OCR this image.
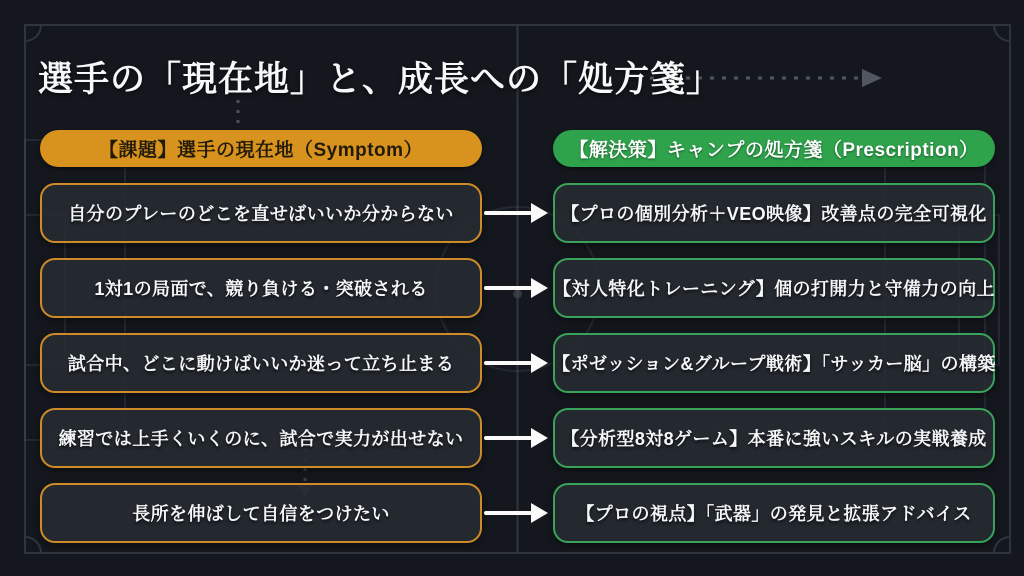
選手の「現在地」と、成長への「処方箋」
【課題】選手の現在地（Symptom）	【解決策】キャンプの処方箋（Prescription）
自分のプレーのどこを直せばいいか分からない	【プロの個別分析＋VEO映像】改善点の完全可視化
1対1の局面で、競り負ける・突破される	【対人特化トレーニング】個の打開力と守備力の向上
試合中、どこに動けばいいか迷って立ち止まる	【ポゼッション&グループ戦術】「サッカー脳」の構築
練習では上手くいくのに、試合で実力が出せない	【分析型8対8ゲーム】本番に強いスキルの実戦養成
長所を伸ばして自信をつけたい	【プロの視点】「武器」の発見と拡張アドバイス
